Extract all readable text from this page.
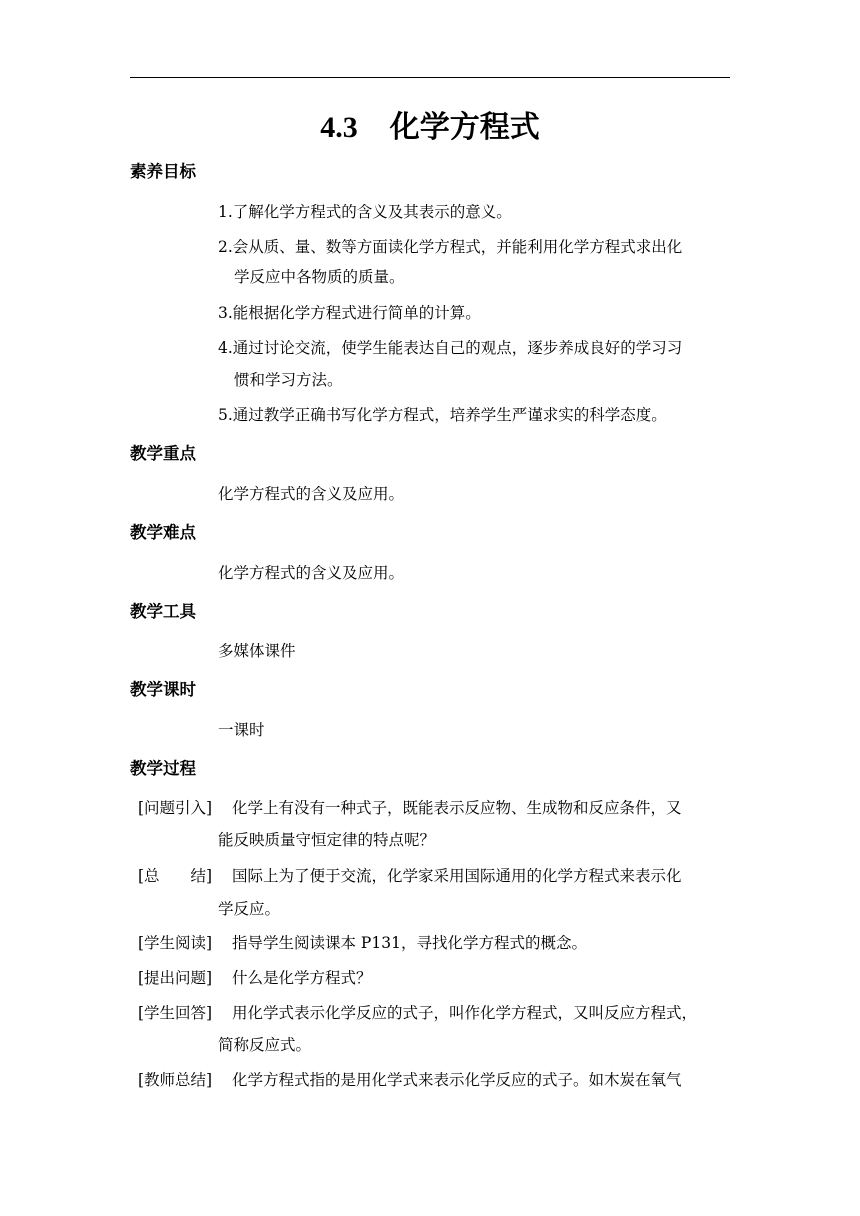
4.3 化学方程式
素养目标

1.了解化学方程式的含义及其表示的意义。

2.会从质、量、数等方面读化学方程式，并能利用化学方程式求出化

学反应中各物质的质量。

3.能根据化学方程式进行简单的计算。

4.通过讨论交流，使学生能表达自己的观点，逐步养成良好的学习习

惯和学习方法。

5.通过教学正确书写化学方程式，培养学生严谨求实的科学态度。

教学重点

化学方程式的含义及应用。

教学难点

化学方程式的含义及应用。

教学工具

多媒体课件

教学课时

一课时

教学过程

[问题引入] 化学上有没有一种式子，既能表示反应物、生成物和反应条件，又

能反映质量守恒定律的特点呢？

[总　　结] 国际上为了便于交流，化学家采用国际通用的化学方程式来表示化

学反应。

[学生阅读] 指导学生阅读课本 P131，寻找化学方程式的概念。

[提出问题] 什么是化学方程式？

[学生回答] 用化学式表示化学反应的式子，叫作化学方程式，又叫反应方程式，

简称反应式。

[教师总结] 化学方程式指的是用化学式来表示化学反应的式子。如木炭在氧气
